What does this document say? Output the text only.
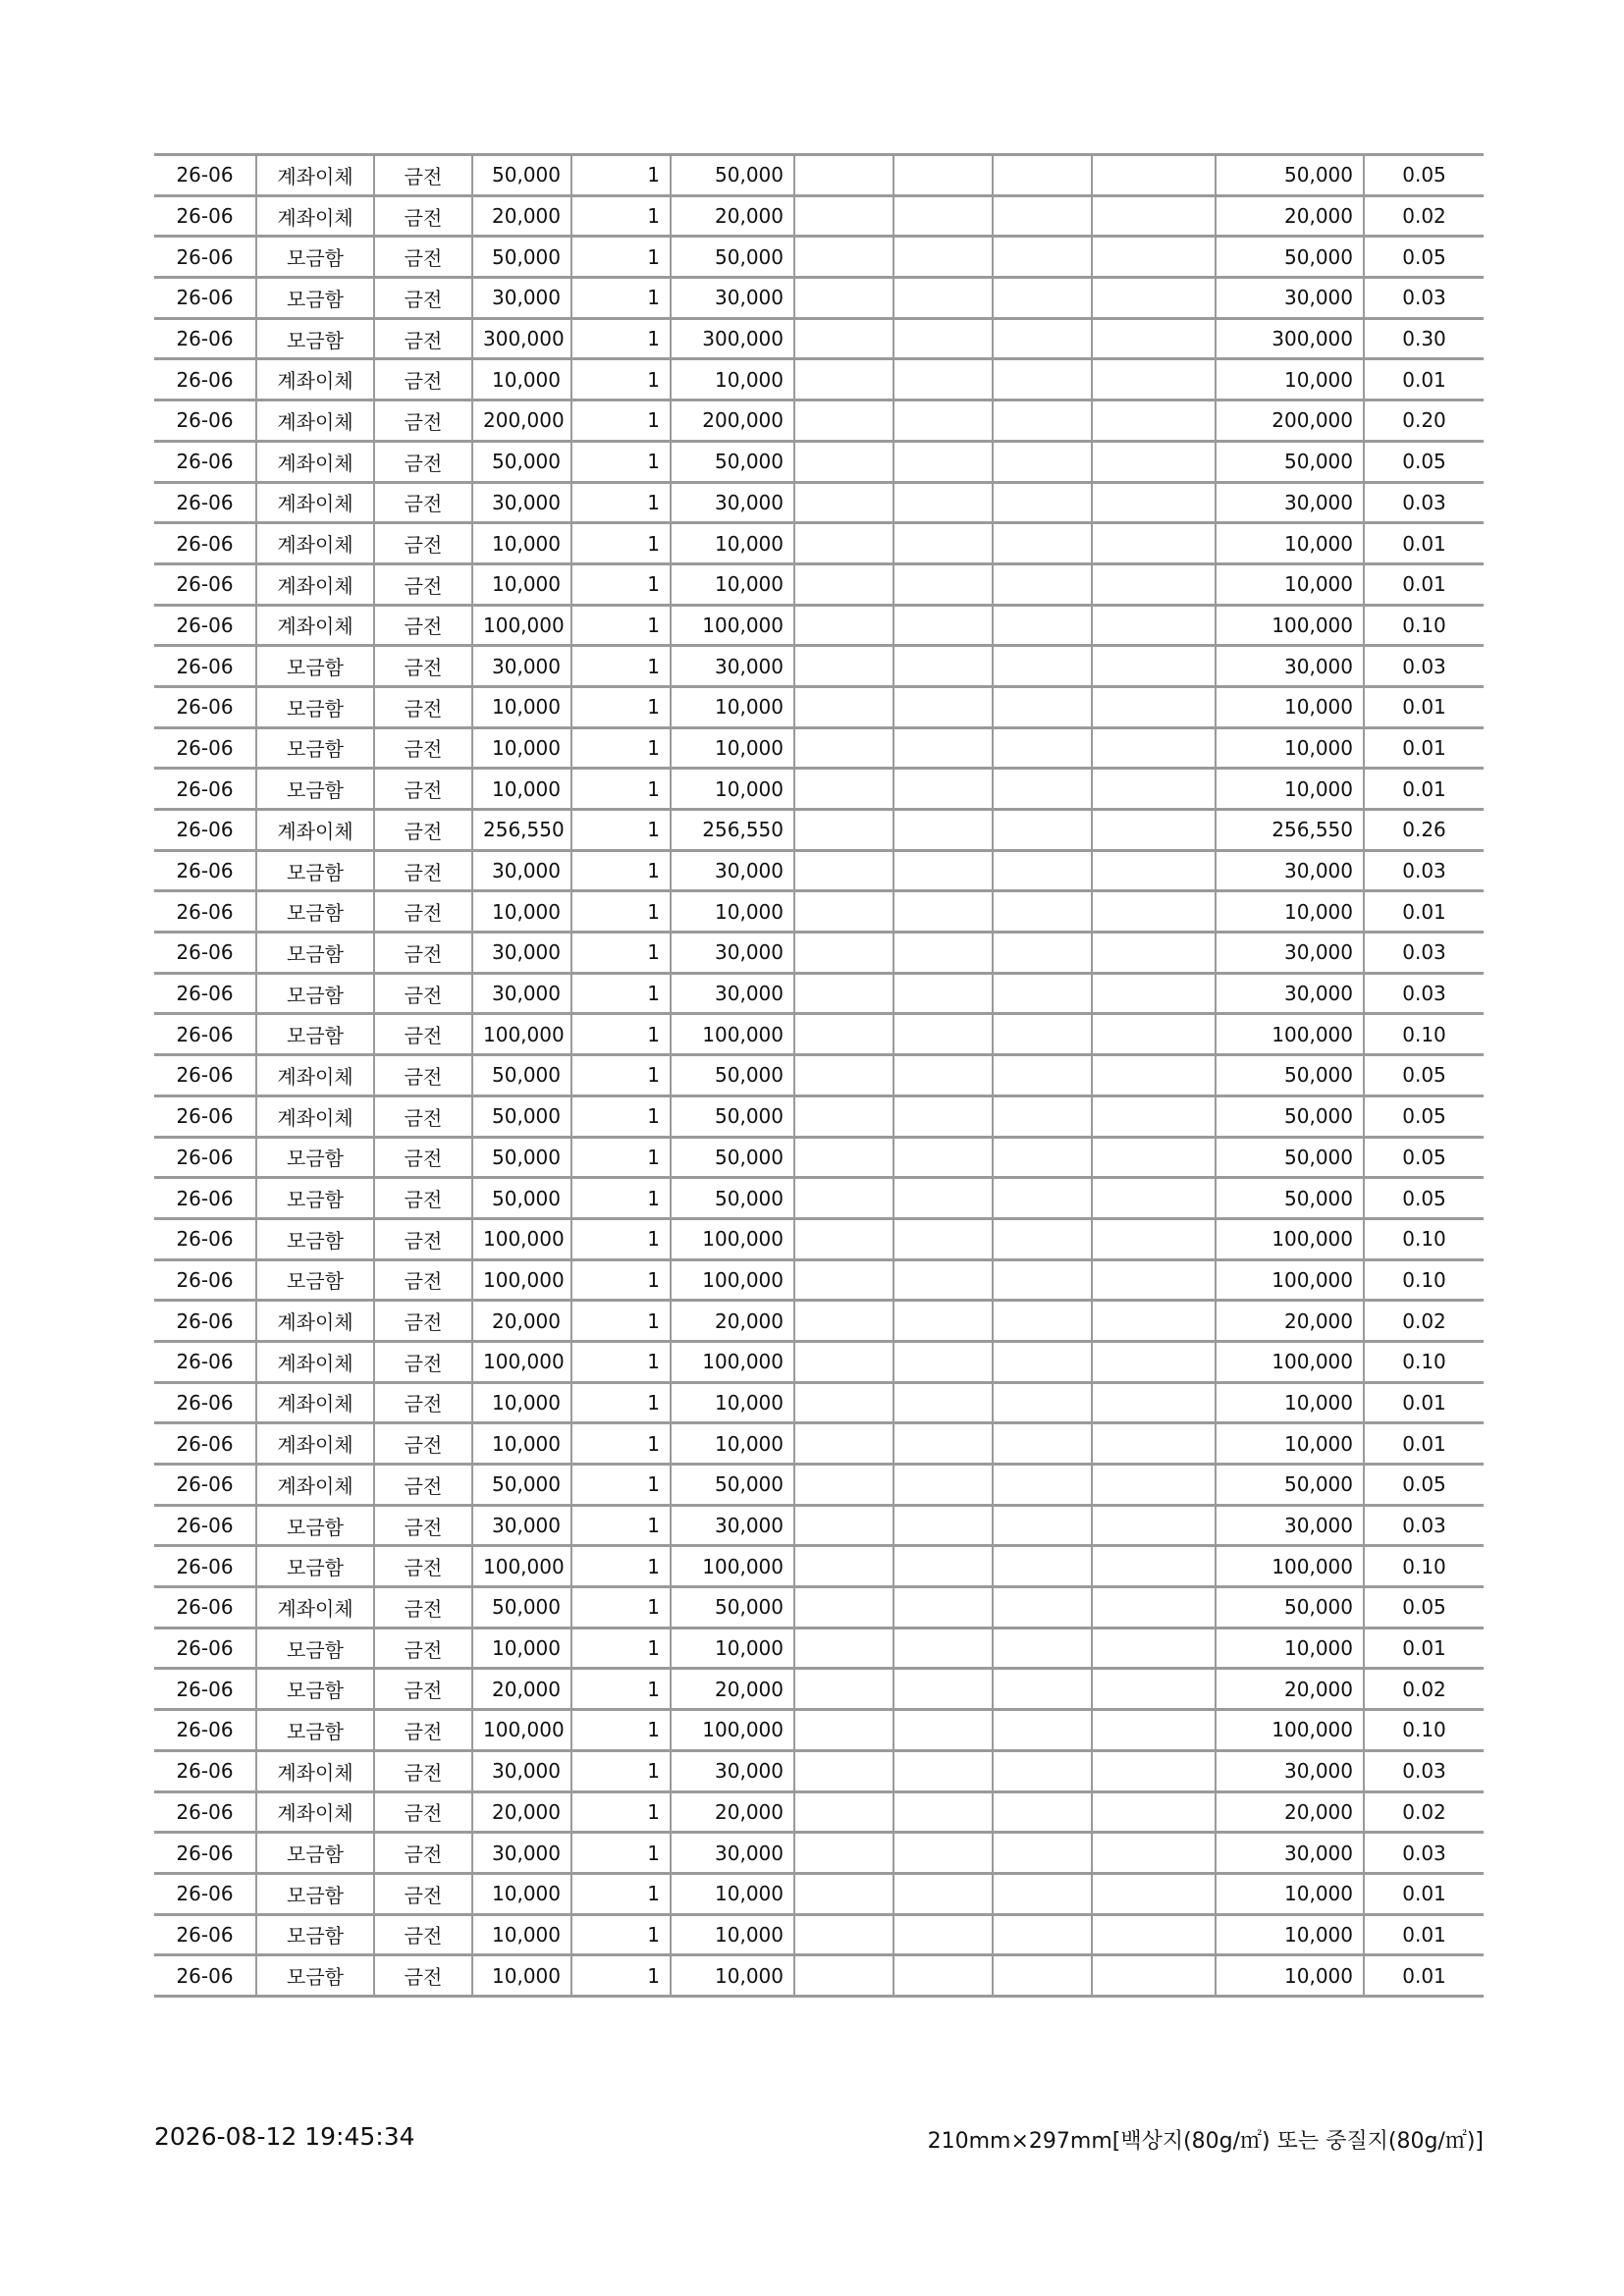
26-06	계좌이체	금전	50,000	1	50,000					50,000	0.05
26-06	계좌이체	금전	20,000	1	20,000					20,000	0.02
26-06	모금함	금전	50,000	1	50,000					50,000	0.05
26-06	모금함	금전	30,000	1	30,000					30,000	0.03
26-06	모금함	금전	300,000	1	300,000					300,000	0.30
26-06	계좌이체	금전	10,000	1	10,000					10,000	0.01
26-06	계좌이체	금전	200,000	1	200,000					200,000	0.20
26-06	계좌이체	금전	50,000	1	50,000					50,000	0.05
26-06	계좌이체	금전	30,000	1	30,000					30,000	0.03
26-06	계좌이체	금전	10,000	1	10,000					10,000	0.01
26-06	계좌이체	금전	10,000	1	10,000					10,000	0.01
26-06	계좌이체	금전	100,000	1	100,000					100,000	0.10
26-06	모금함	금전	30,000	1	30,000					30,000	0.03
26-06	모금함	금전	10,000	1	10,000					10,000	0.01
26-06	모금함	금전	10,000	1	10,000					10,000	0.01
26-06	모금함	금전	10,000	1	10,000					10,000	0.01
26-06	계좌이체	금전	256,550	1	256,550					256,550	0.26
26-06	모금함	금전	30,000	1	30,000					30,000	0.03
26-06	모금함	금전	10,000	1	10,000					10,000	0.01
26-06	모금함	금전	30,000	1	30,000					30,000	0.03
26-06	모금함	금전	30,000	1	30,000					30,000	0.03
26-06	모금함	금전	100,000	1	100,000					100,000	0.10
26-06	계좌이체	금전	50,000	1	50,000					50,000	0.05
26-06	계좌이체	금전	50,000	1	50,000					50,000	0.05
26-06	모금함	금전	50,000	1	50,000					50,000	0.05
26-06	모금함	금전	50,000	1	50,000					50,000	0.05
26-06	모금함	금전	100,000	1	100,000					100,000	0.10
26-06	모금함	금전	100,000	1	100,000					100,000	0.10
26-06	계좌이체	금전	20,000	1	20,000					20,000	0.02
26-06	계좌이체	금전	100,000	1	100,000					100,000	0.10
26-06	계좌이체	금전	10,000	1	10,000					10,000	0.01
26-06	계좌이체	금전	10,000	1	10,000					10,000	0.01
26-06	계좌이체	금전	50,000	1	50,000					50,000	0.05
26-06	모금함	금전	30,000	1	30,000					30,000	0.03
26-06	모금함	금전	100,000	1	100,000					100,000	0.10
26-06	계좌이체	금전	50,000	1	50,000					50,000	0.05
26-06	모금함	금전	10,000	1	10,000					10,000	0.01
26-06	모금함	금전	20,000	1	20,000					20,000	0.02
26-06	모금함	금전	100,000	1	100,000					100,000	0.10
26-06	계좌이체	금전	30,000	1	30,000					30,000	0.03
26-06	계좌이체	금전	20,000	1	20,000					20,000	0.02
26-06	모금함	금전	30,000	1	30,000					30,000	0.03
26-06	모금함	금전	10,000	1	10,000					10,000	0.01
26-06	모금함	금전	10,000	1	10,000					10,000	0.01
26-06	모금함	금전	10,000	1	10,000					10,000	0.01
2026-08-12 19:45:34	210mm×297mm[백상지(80g/㎡) 또는 중질지(80g/㎡)]
